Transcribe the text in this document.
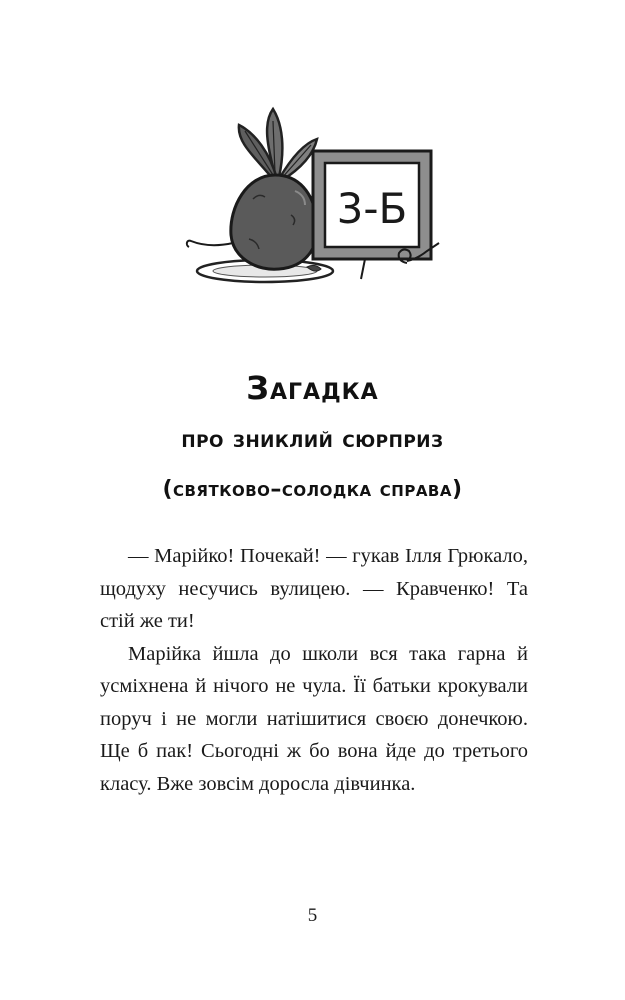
3-Б
Загадка
про зниклий сюрприз
(святково–солодка справа)

— Марійко! Почекай! — гукав Ілля Грюкало, щодуху несучись вулицею. — Кравченко! Та стій же ти!

Марійка йшла до школи вся така гарна й усміхнена й нічого не чула. Її батьки крокували поруч і не могли натішитися своєю донечкою. Ще б пак! Сьогодні ж бо вона йде до третього класу. Вже зовсім доросла дівчинка.

5
